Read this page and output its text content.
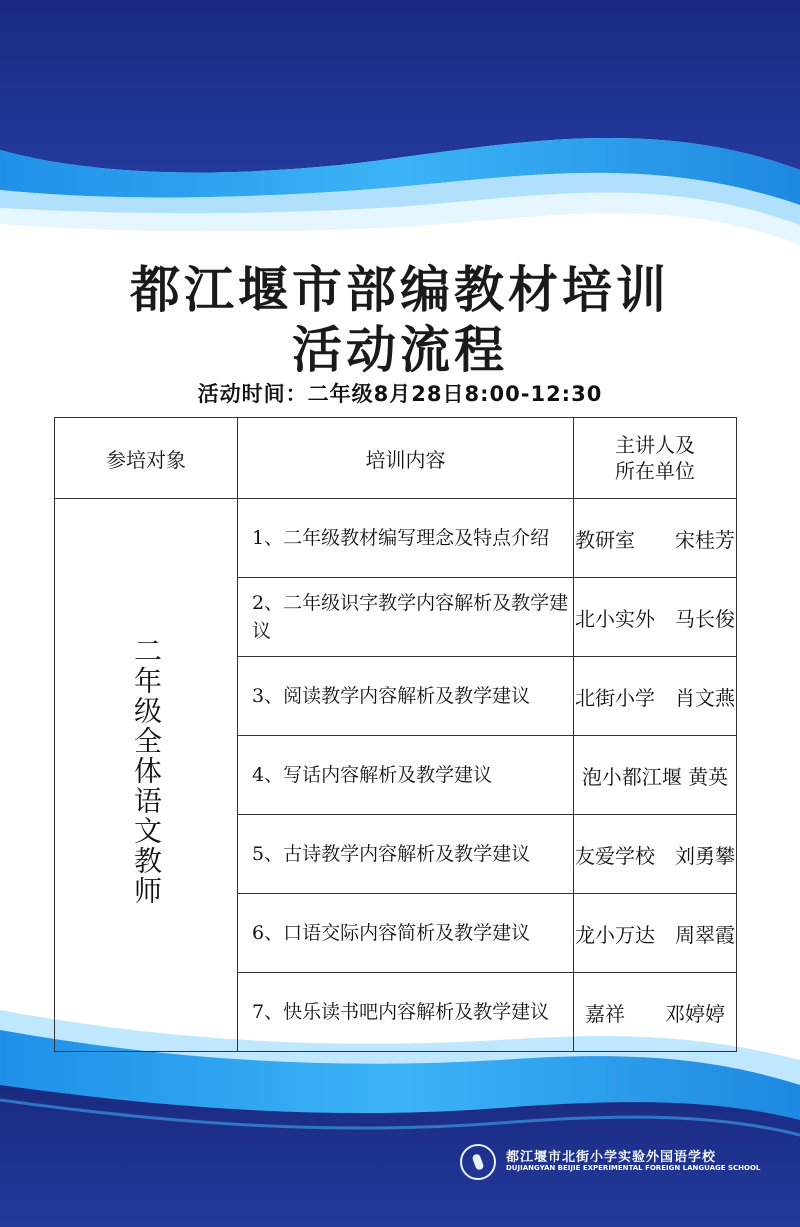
都江堰市部编教材培训
活动流程
活动时间：二年级8月28日8:00-12:30
参培对象	培训内容	主讲人及
所在单位

二年级全体语文教师	1、二年级教材编写理念及特点介绍	教研室　　宋桂芳
	2、二年级识字教学内容解析及教学建议	北小实外　马长俊
	3、阅读教学内容解析及教学建议	北街小学　肖文燕
	4、写话内容解析及教学建议	泡小都江堰 黄英
	5、古诗教学内容解析及教学建议	友爱学校　刘勇攀
	6、口语交际内容简析及教学建议	龙小万达　周翠霞
	7、快乐读书吧内容解析及教学建议	嘉祥　　邓婷婷
都江堰市北街小学实验外国语学校
DUJIANGYAN BEIJIE EXPERIMENTAL FOREIGN LANGUAGE SCHOOL
